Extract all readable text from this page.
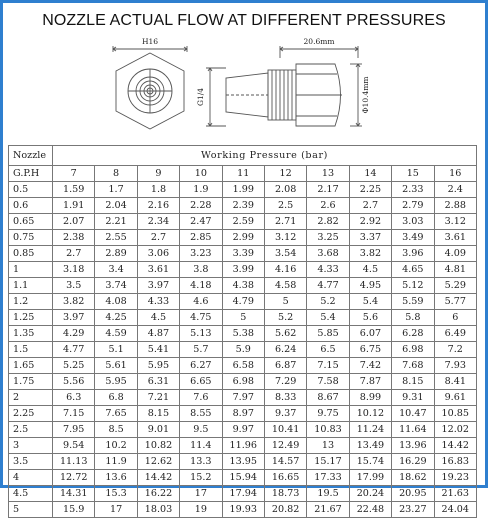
NOZZLE ACTUAL FLOW AT DIFFERENT PRESSURES
H16	20.6mm
G1/4	Φ10.4mm
Nozzle	Working Pressure (bar)									
G.P.H	7	8	9	10	11	12	13	14	15	16
0.5	1.59	1.7	1.8	1.9	1.99	2.08	2.17	2.25	2.33	2.4
0.6	1.91	2.04	2.16	2.28	2.39	2.5	2.6	2.7	2.79	2.88
0.65	2.07	2.21	2.34	2.47	2.59	2.71	2.82	2.92	3.03	3.12
0.75	2.38	2.55	2.7	2.85	2.99	3.12	3.25	3.37	3.49	3.61
0.85	2.7	2.89	3.06	3.23	3.39	3.54	3.68	3.82	3.96	4.09
1	3.18	3.4	3.61	3.8	3.99	4.16	4.33	4.5	4.65	4.81
1.1	3.5	3.74	3.97	4.18	4.38	4.58	4.77	4.95	5.12	5.29
1.2	3.82	4.08	4.33	4.6	4.79	5	5.2	5.4	5.59	5.77
1.25	3.97	4.25	4.5	4.75	5	5.2	5.4	5.6	5.8	6
1.35	4.29	4.59	4.87	5.13	5.38	5.62	5.85	6.07	6.28	6.49
1.5	4.77	5.1	5.41	5.7	5.9	6.24	6.5	6.75	6.98	7.2
1.65	5.25	5.61	5.95	6.27	6.58	6.87	7.15	7.42	7.68	7.93
1.75	5.56	5.95	6.31	6.65	6.98	7.29	7.58	7.87	8.15	8.41
2	6.3	6.8	7.21	7.6	7.97	8.33	8.67	8.99	9.31	9.61
2.25	7.15	7.65	8.15	8.55	8.97	9.37	9.75	10.12	10.47	10.85
2.5	7.95	8.5	9.01	9.5	9.97	10.41	10.83	11.24	11.64	12.02
3	9.54	10.2	10.82	11.4	11.96	12.49	13	13.49	13.96	14.42
3.5	11.13	11.9	12.62	13.3	13.95	14.57	15.17	15.74	16.29	16.83
4	12.72	13.6	14.42	15.2	15.94	16.65	17.33	17.99	18.62	19.23
4.5	14.31	15.3	16.22	17	17.94	18.73	19.5	20.24	20.95	21.63
5	15.9	17	18.03	19	19.93	20.82	21.67	22.48	23.27	24.04
